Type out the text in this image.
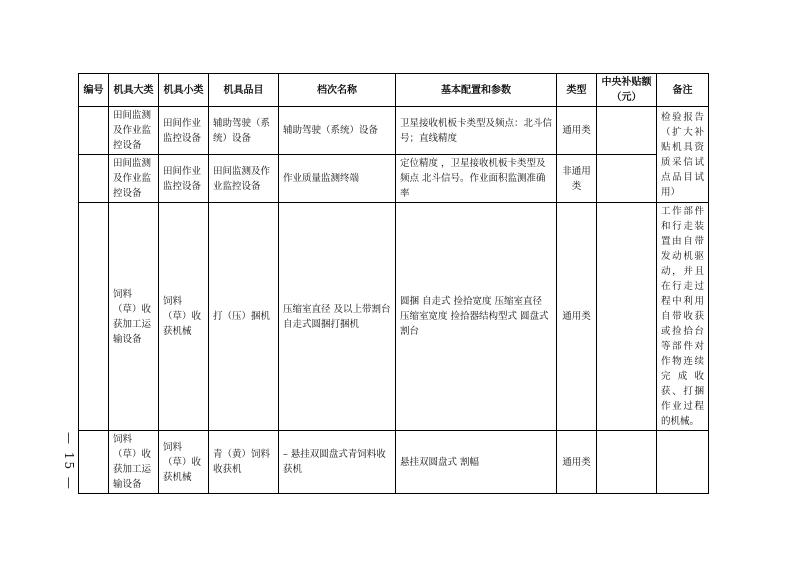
— 15 —
编号	机具大类	机具小类	机具品目	档次名称	基本配置和参数	类型	中央补贴额（元）	备注
	田间监测及作业监控设备	田间作业监控设备	辅助驾驶（系统）设备	辅助驾驶（系统）设备	卫星接收机板卡类型及频点：北斗信号；直线精度	通用类		检验报告（扩大补贴机具资质采信试点品目试用）
	田间监测及作业监控设备	田间作业监控设备	田间监测及作业监控设备	作业质量监测终端	定位精度 ，卫星接收机板卡类型及频点 北斗信号。作业面积监测准确率	非通用类		
	饲料（草）收获加工运输设备	饲料（草）收获机械	打（压）捆机	压缩室直径 及以上带割台自走式圆捆打捆机	圆捆 自走式 捡拾宽度 压缩室直径 压缩室宽度 捡拾器结构型式 圆盘式割台	通用类		工作部件和行走装置由自带发动机驱动，并且在行走过程中利用自带收获或捡拾台等部件对作物连续完成收获、打捆作业过程的机械。
	饲料（草）收获加工运输设备	饲料（草）收获机械	青（黄）饲料收获机	– 悬挂双圆盘式青饲料收获机	悬挂双圆盘式 割幅	通用类		
